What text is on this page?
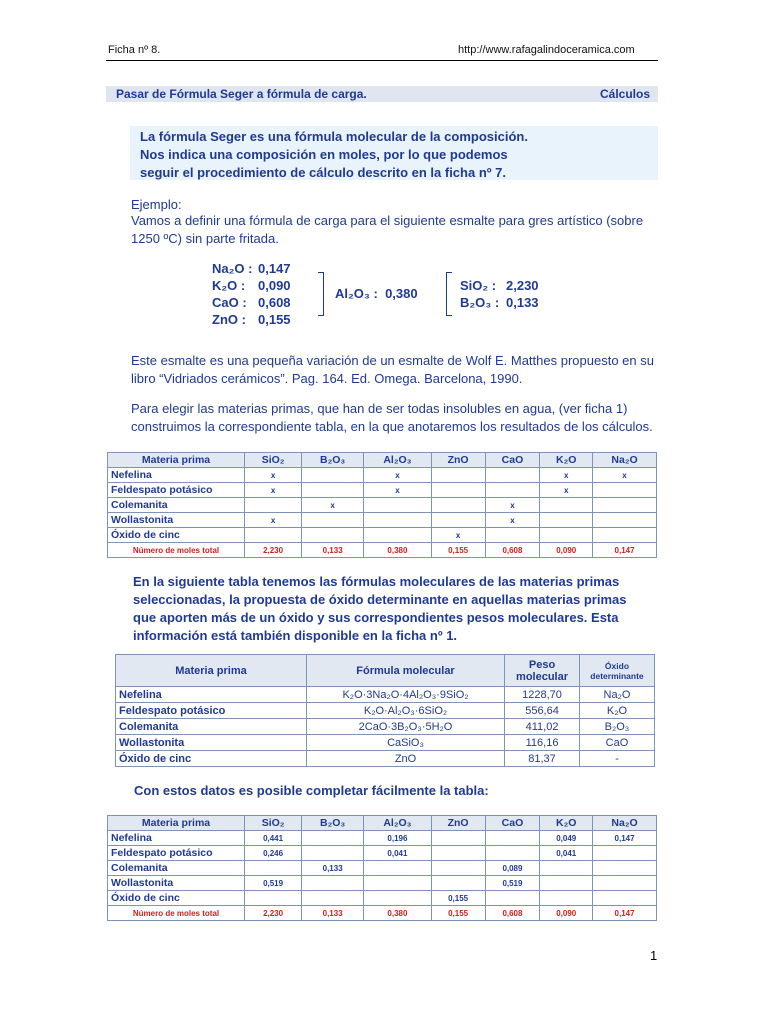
Ficha nº 8.	http://www.rafagalindoceramica.com
Pasar de Fórmula Seger a fórmula de carga.	Cálculos
La fórmula Seger es una fórmula molecular de la composición. Nos indica una composición en moles, por lo que podemos seguir el procedimiento de cálculo descrito en la ficha nº 7.
Ejemplo:
Vamos a definir una fórmula de carga para el siguiente esmalte para gres artístico (sobre 1250 ºC) sin parte fritada.
Na₂O : 0,147
K₂O : 0,090
CaO : 0,608
ZnO : 0,155
Al₂O₃ : 0,380
SiO₂ : 2,230
B₂O₃ : 0,133
Este esmalte es una pequeña variación de un esmalte de Wolf E. Matthes propuesto en su libro “Vidriados cerámicos”. Pag. 164. Ed. Omega. Barcelona, 1990.
Para elegir las materias primas, que han de ser todas insolubles en agua, (ver ficha 1) construimos la correspondiente tabla, en la que anotaremos los resultados de los cálculos.
Materia prima	SiO₂	B₂O₃	Al₂O₃	ZnO	CaO	K₂O	Na₂O
Nefelina	x		x			x	x
Feldespato potásico	x		x			x	
Colemanita		x			x		
Wollastonita	x				x		
Óxido de cinc				x			
Número de moles total	2,230	0,133	0,380	0,155	0,608	0,090	0,147
En la siguiente tabla tenemos las fórmulas moleculares de las materias primas seleccionadas, la propuesta de óxido determinante en aquellas materias primas que aporten más de un óxido y sus correspondientes pesos moleculares. Esta información está también disponible en la ficha nº 1.
Materia prima	Fórmula molecular	Peso molecular	Óxido determinante
Nefelina	K₂O·3Na₂O·4Al₂O₃·9SiO₂	1228,70	Na₂O
Feldespato potásico	K₂O·Al₂O₃·6SiO₂	556,64	K₂O
Colemanita	2CaO·3B₂O₃·5H₂O	411,02	B₂O₃
Wollastonita	CaSiO₃	116,16	CaO
Óxido de cinc	ZnO	81,37	-
Con estos datos es posible completar fácilmente la tabla:
Materia prima	SiO₂	B₂O₃	Al₂O₃	ZnO	CaO	K₂O	Na₂O
Nefelina	0,441		0,196			0,049	0,147
Feldespato potásico	0,246		0,041			0,041	
Colemanita		0,133			0,089		
Wollastonita	0,519				0,519		
Óxido de cinc				0,155			
Número de moles total	2,230	0,133	0,380	0,155	0,608	0,090	0,147
1
